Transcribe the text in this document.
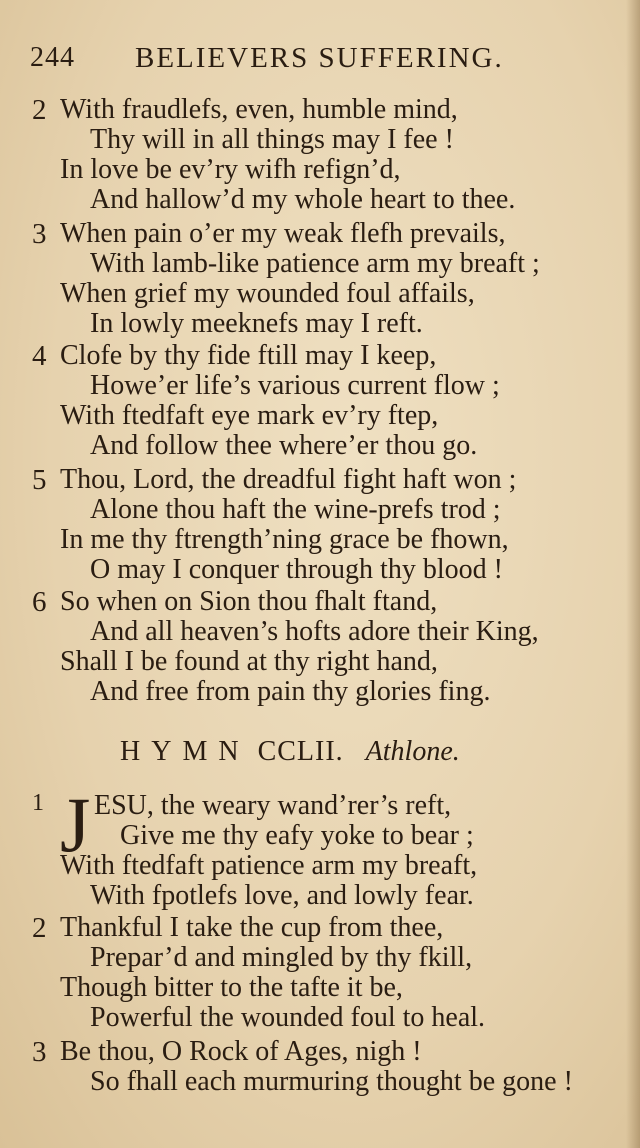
244 BELIEVERS SUFFERING.
2 With fraudlefs, even, humble mind,
Thy will in all things may I fee !
In love be ev’ry wifh refign’d,
And hallow’d my whole heart to thee.
3 When pain o’er my weak flefh prevails,
With lamb-like patience arm my breaft ;
When grief my wounded foul affails,
In lowly meeknefs may I reft.
4 Clofe by thy fide ftill may I keep,
Howe’er life’s various current flow ;
With ftedfaft eye mark ev’ry ftep,
And follow thee where’er thou go.
5 Thou, Lord, the dreadful fight haft won ;
Alone thou haft the wine-prefs trod ;
In me thy ftrength’ning grace be fhown,
O may I conquer through thy blood !
6 So when on Sion thou fhalt ftand,
And all heaven’s hofts adore their King,
Shall I be found at thy right hand,
And free from pain thy glories fing.
HYMN CCLII. Athlone.
1 J ESU, the weary wand’rer’s reft,
Give me thy eafy yoke to bear ;
With ftedfaft patience arm my breaft,
With fpotlefs love, and lowly fear.
2 Thankful I take the cup from thee,
Prepar’d and mingled by thy fkill,
Though bitter to the tafte it be,
Powerful the wounded foul to heal.
3 Be thou, O Rock of Ages, nigh !
So fhall each murmuring thought be gone !
